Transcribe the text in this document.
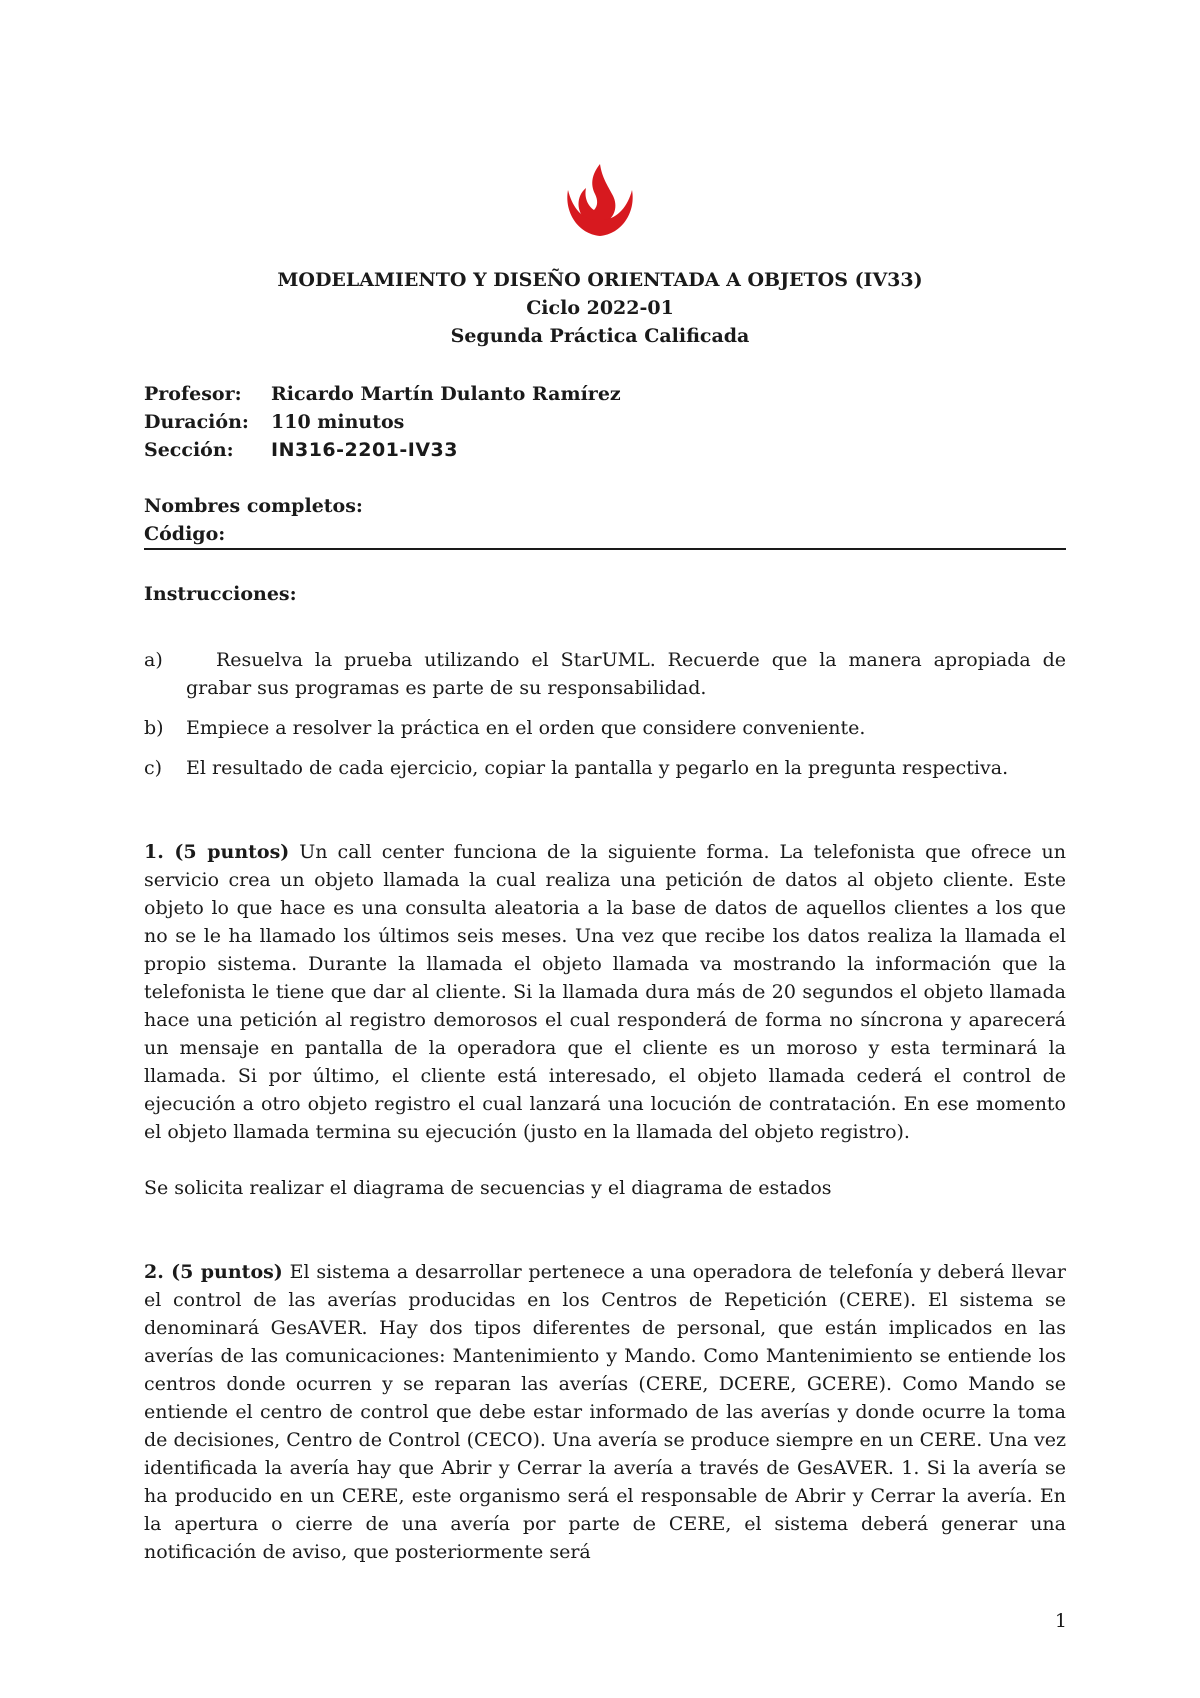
MODELAMIENTO Y DISEÑO ORIENTADA A OBJETOS (IV33)
Ciclo 2022-01
Segunda Práctica Calificada
Profesor:	Ricardo Martín Dulanto Ramírez
Duración:	110 minutos
Sección:	IN316-2201-IV33
Nombres completos:
Código:
Instrucciones:
a)	Resuelva la prueba utilizando el StarUML. Recuerde que la manera apropiada de grabar sus programas es parte de su responsabilidad.
b)	Empiece a resolver la práctica en el orden que considere conveniente.
c)	El resultado de cada ejercicio, copiar la pantalla y pegarlo en la pregunta respectiva.
1. (5 puntos) Un call center funciona de la siguiente forma. La telefonista que ofrece un servicio crea un objeto llamada la cual realiza una petición de datos al objeto cliente. Este objeto lo que hace es una consulta aleatoria a la base de datos de aquellos clientes a los que no se le ha llamado los últimos seis meses. Una vez que recibe los datos realiza la llamada el propio sistema. Durante la llamada el objeto llamada va mostrando la información que la telefonista le tiene que dar al cliente. Si la llamada dura más de 20 segundos el objeto llamada hace una petición al registro demorosos el cual responderá de forma no síncrona y aparecerá un mensaje en pantalla de la operadora que el cliente es un moroso y esta terminará la llamada. Si por último, el cliente está interesado, el objeto llamada cederá el control de ejecución a otro objeto registro el cual lanzará una locución de contratación. En ese momento el objeto llamada termina su ejecución (justo en la llamada del objeto registro).
Se solicita realizar el diagrama de secuencias y el diagrama de estados
2. (5 puntos) El sistema a desarrollar pertenece a una operadora de telefonía y deberá llevar el control de las averías producidas en los Centros de Repetición (CERE). El sistema se denominará GesAVER. Hay dos tipos diferentes de personal, que están implicados en las averías de las comunicaciones: Mantenimiento y Mando. Como Mantenimiento se entiende los centros donde ocurren y se reparan las averías (CERE, DCERE, GCERE). Como Mando se entiende el centro de control que debe estar informado de las averías y donde ocurre la toma de decisiones, Centro de Control (CECO). Una avería se produce siempre en un CERE. Una vez identificada la avería hay que Abrir y Cerrar la avería a través de GesAVER. 1. Si la avería se ha producido en un CERE, este organismo será el responsable de Abrir y Cerrar la avería. En la apertura o cierre de una avería por parte de CERE, el sistema deberá generar una notificación de aviso, que posteriormente será
1
